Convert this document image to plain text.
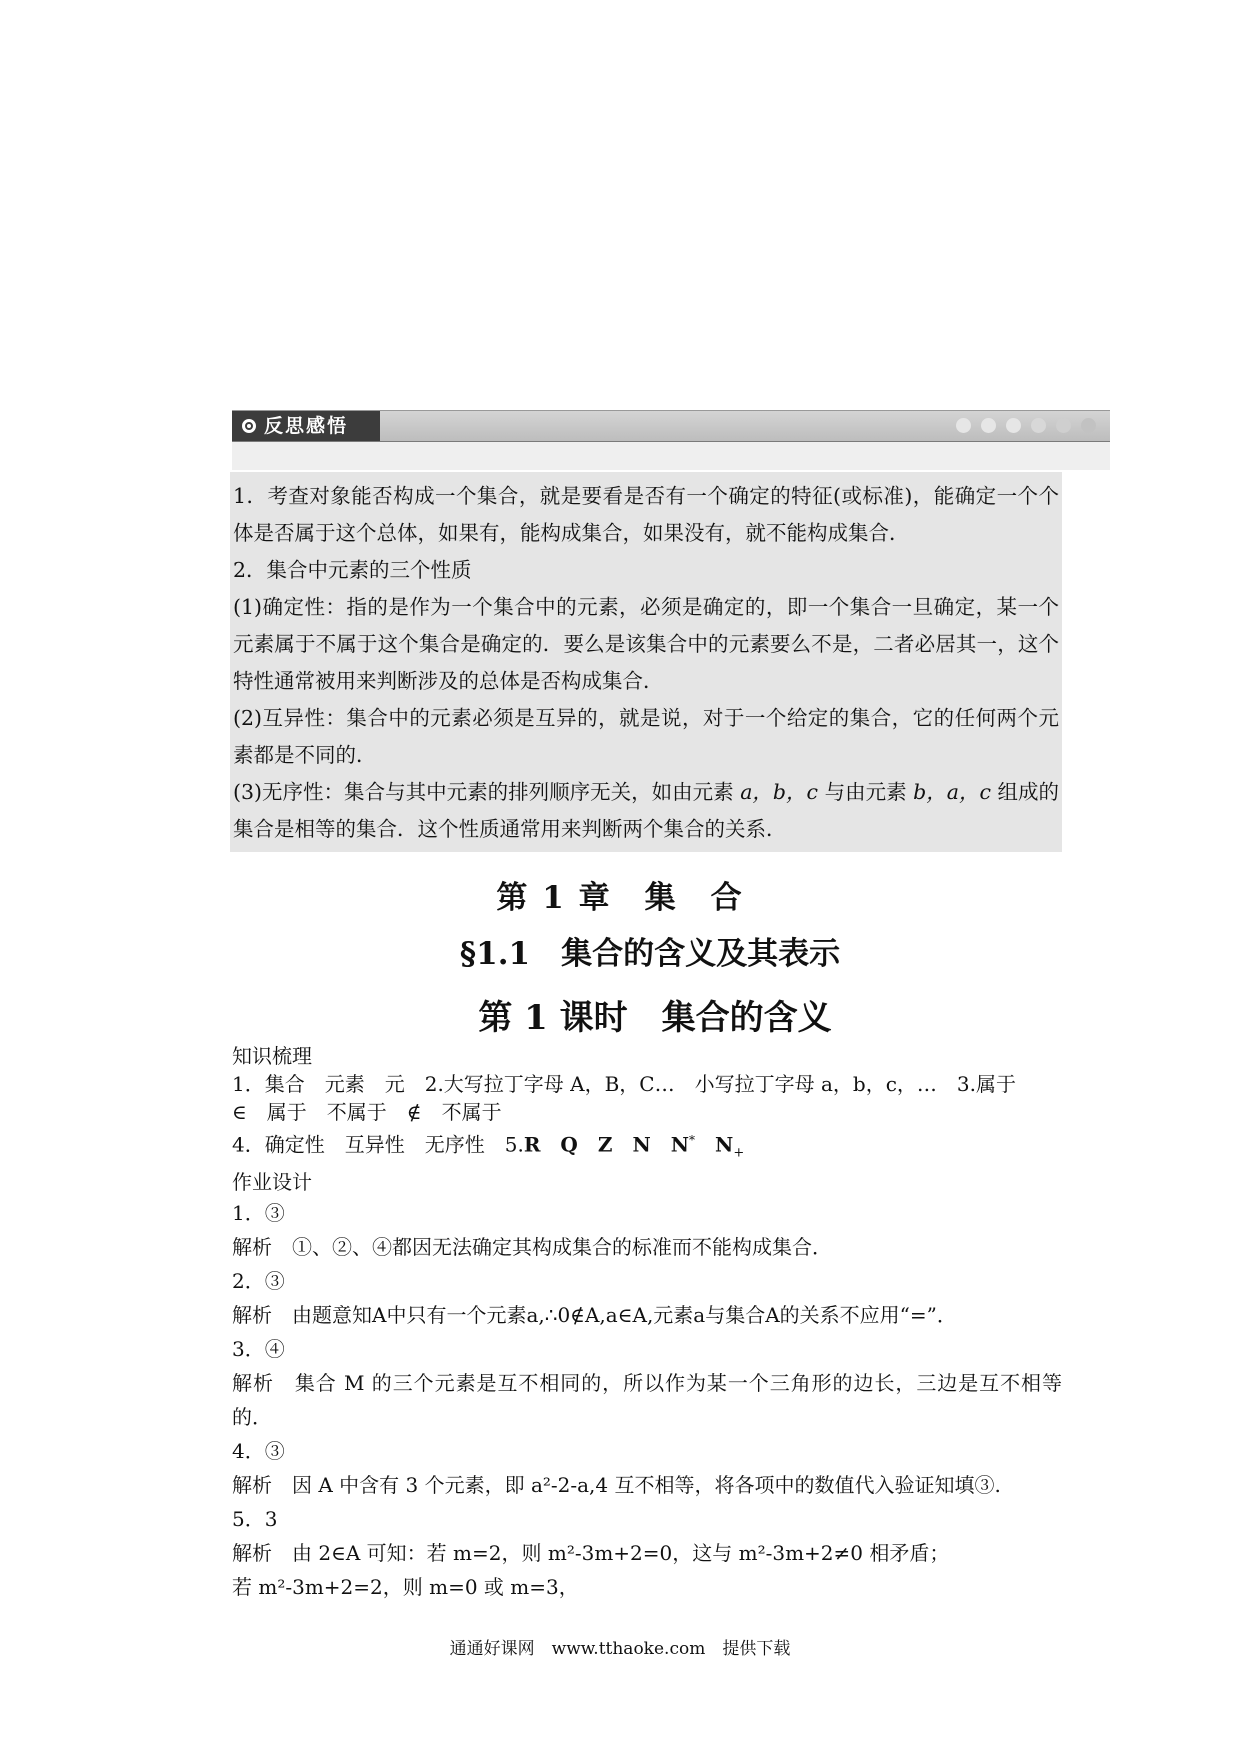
反思感悟

1．考查对象能否构成一个集合，就是要看是否有一个确定的特征(或标准)，能确定一个个体是否属于这个总体，如果有，能构成集合，如果没有，就不能构成集合．

2．集合中元素的三个性质

(1)确定性：指的是作为一个集合中的元素，必须是确定的，即一个集合一旦确定，某一个元素属于不属于这个集合是确定的．要么是该集合中的元素要么不是，二者必居其一，这个特性通常被用来判断涉及的总体是否构成集合．

(2)互异性：集合中的元素必须是互异的，就是说，对于一个给定的集合，它的任何两个元素都是不同的．

(3)无序性：集合与其中元素的排列顺序无关，如由元素 a，b，c 与由元素 b，a，c 组成的集合是相等的集合．这个性质通常用来判断两个集合的关系．

第 1 章　集　合
§1.1　集合的含义及其表示
第 1 课时　集合的含义

知识梳理

1．集合　元素　元　2.大写拉丁字母 A，B，C…　小写拉丁字母 a，b，c，…　3.属于

∈　属于　不属于　∉　不属于

4．确定性　互异性　无序性　5.R　Q　Z　N　N*　$N_+$

作业设计

1．③

解析　①、②、④都因无法确定其构成集合的标准而不能构成集合．

2．③

解析　由题意知A中只有一个元素a,∴0∉A,a∈A,元素a与集合A的关系不应用“=”．

3．④

解析　集合 M 的三个元素是互不相同的，所以作为某一个三角形的边长，三边是互不相等的．

4．③

解析　因 A 中含有 3 个元素，即 a²-2-a,4 互不相等，将各项中的数值代入验证知填③.

5．3

解析　由 2∈A 可知：若 m=2，则 m²-3m+2=0，这与 m²-3m+2≠0 相矛盾；

若 m²-3m+2=2，则 m=0 或 m=3，

通通好课网　www.tthaoke.com　提供下载
